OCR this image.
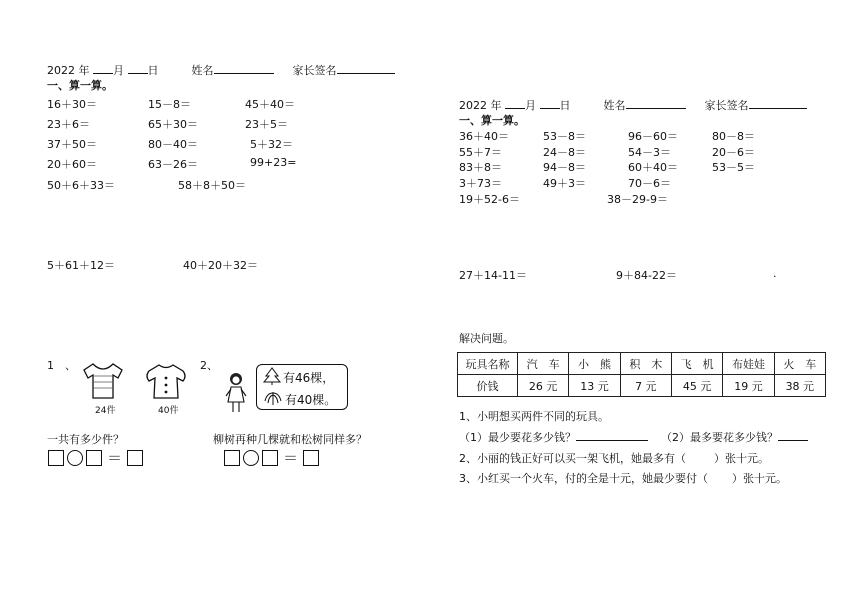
2022 年 月 日	姓名	家长签名
一、算一算。
16＋30＝	15－8＝	45＋40＝
23＋6＝	65＋30＝	23＋5＝
37＋50＝	80－40＝	5＋32＝
20＋60＝	63－26＝	99+23=
50＋6＋33＝	58＋8＋50＝
5＋61＋12＝	40＋20＋32＝
1　、
24件	40件
2、
有46棵，
有40棵。
一共有多少件？	柳树再种几棵就和松树同样多？
＝	＝
2022 年 月 日	姓名	家长签名
一、算一算。
36＋40＝	53－8＝	96－60＝	80－8＝
55＋7＝	24－8＝	54－3＝	20－6＝
83＋8＝	94－8＝	60＋40＝	53－5＝
3＋73＝	49＋3＝	70－6＝
19＋52-6＝	38－29-9＝
27＋14-11＝	9＋84-22＝	.
解决问题。
玩具名称	汽　车	小　熊	积　木	飞　机	布娃娃	火　车
价钱	26 元	13 元	7 元	45 元	19 元	38 元
1、小明想买两件不同的玩具。
（1）最少要花多少钱？	（2）最多要花多少钱？
2、小丽的钱正好可以买一架飞机，她最多有（	）张十元。
3、小红买一个火车，付的全是十元，她最少要付（ ）张十元。
